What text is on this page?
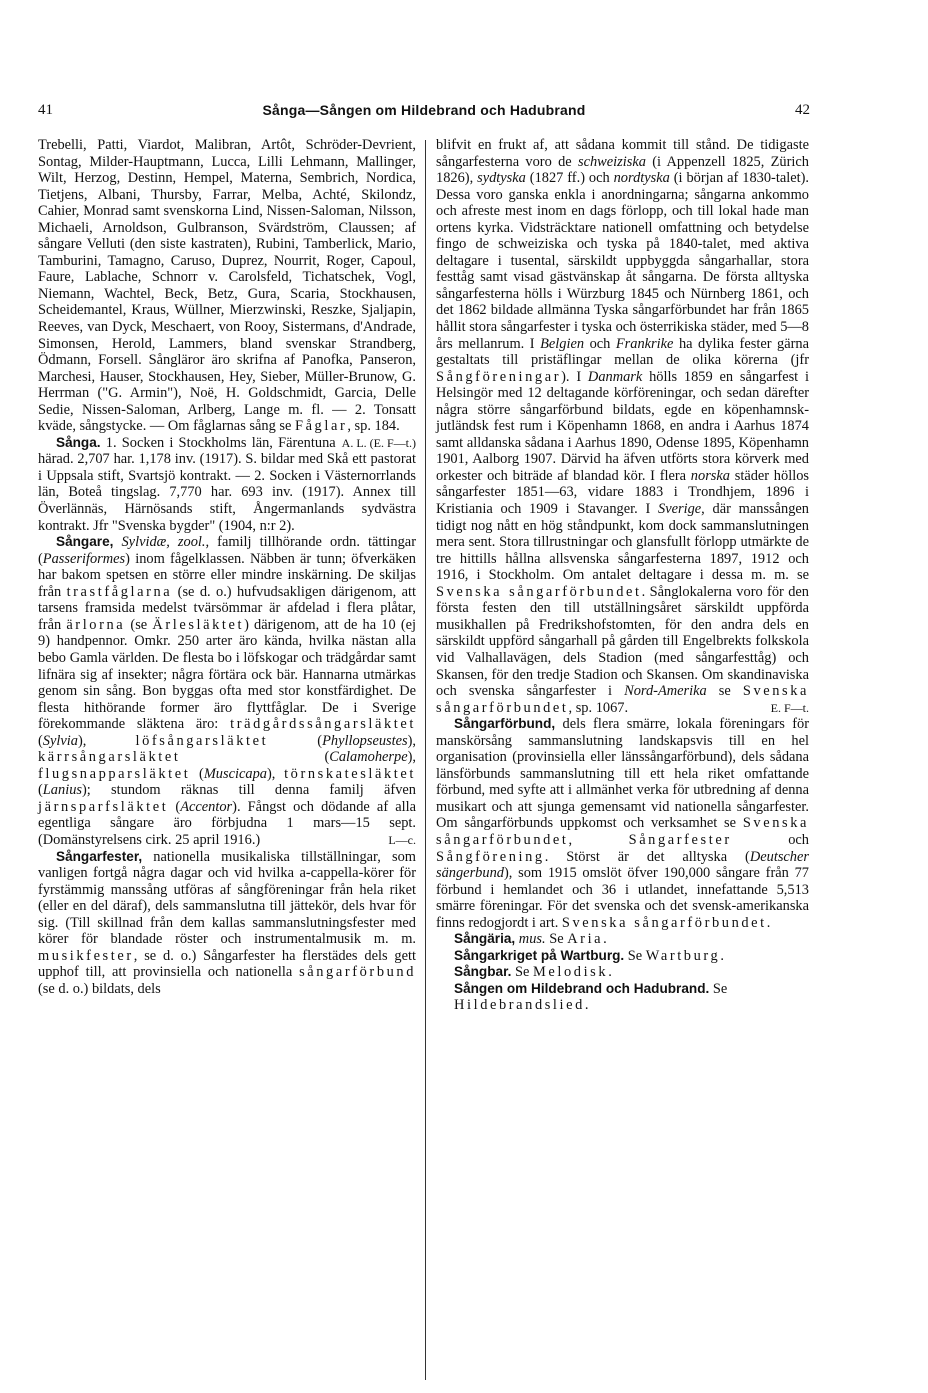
41	Sånga—Sången om Hildebrand och Hadubrand	42

Trebelli, Patti, Viardot, Malibran, Artôt, Schröder-Devrient, Sontag, Milder-Hauptmann, Lucca, Lilli Lehmann, Mallinger, Wilt, Herzog, Destinn, Hempel, Materna, Sembrich, Nordica, Tietjens, Albani, Thursby, Farrar, Melba, Achté, Skilondz, Cahier, Monrad samt svenskorna Lind, Nissen-Saloman, Nilsson, Michaeli, Arnoldson, Gulbranson, Svärdström, Claussen; af sångare Velluti (den siste kastraten), Rubini, Tamberlick, Mario, Tamburini, Tamagno, Caruso, Duprez, Nourrit, Roger, Capoul, Faure, Lablache, Schnorr v. Carolsfeld, Tichatschek, Vogl, Niemann, Wachtel, Beck, Betz, Gura, Scaria, Stockhausen, Scheidemantel, Kraus, Wüllner, Mierzwinski, Reszke, Sjaljapin, Reeves, van Dyck, Meschaert, von Rooy, Sistermans, d'Andrade, Simonsen, Herold, Lammers, bland svenskar Strandberg, Ödmann, Forsell. Sångläror äro skrifna af Panofka, Panseron, Marchesi, Hauser, Stockhausen, Hey, Sieber, Müller-Brunow, G. Herrman ("G. Armin"), Noë, H. Goldschmidt, Garcia, Delle Sedie, Nissen-Saloman, Arlberg, Lange m. fl. — 2. Tonsatt kväde, sångstycke. — Om fåglarnas sång se Fåglar, sp. 184.
A. L. (E. F—t.)

Sånga. 1. Socken i Stockholms län, Färentuna härad. 2,707 har. 1,178 inv. (1917). S. bildar med Skå ett pastorat i Uppsala stift, Svartsjö kontrakt. — 2. Socken i Västernorrlands län, Boteå tingslag. 7,770 har. 693 inv. (1917). Annex till Överlännäs, Härnösands stift, Ångermanlands sydvästra kontrakt. Jfr "Svenska bygder" (1904, n:r 2).

Sångare, Sylvidæ, zool., familj tillhörande ordn. tättingar (Passeriformes) inom fågelklassen. Näbben är tunn; öfverkäken har bakom spetsen en större eller mindre inskärning. De skiljas från trastfåglarna (se d. o.) hufvudsakligen därigenom, att tarsens framsida medelst tvärsömmar är afdelad i flera plåtar, från ärlorna (se Ärlesläktet) därigenom, att de ha 10 (ej 9) handpennor. Omkr. 250 arter äro kända, hvilka nästan alla bebo Gamla världen. De flesta bo i löfskogar och trädgårdar samt lifnära sig af insekter; några förtära ock bär. Hannarna utmärkas genom sin sång. Bon byggas ofta med stor konstfärdighet. De flesta hithörande former äro flyttfåglar. De i Sverige förekommande släktena äro: trädgårdssångarsläktet (Sylvia), löfsångarsläktet (Phyllopseustes), kärrsångarsläktet (Calamoherpe), flugsnapparsläktet (Muscicapa), törnskatesläktet (Lanius); stundom räknas till denna familj äfven järnsparfsläktet (Accentor). Fångst och dödande af alla egentliga sångare äro förbjudna 1 mars—15 sept. (Domänstyrelsens cirk. 25 april 1916.)	L—c.

Sångarfester, nationella musikaliska tillställningar, som vanligen fortgå några dagar och vid hvilka a-cappella-körer för fyrstämmig manssång utföras af sångföreningar från hela riket (eller en del däraf), dels sammanslutna till jättekör, dels hvar för sig. (Till skillnad från dem kallas sammanslutningsfester med körer för blandade röster och instrumentalmusik m. m. musikfester, se d. o.) Sångarfester ha flerstädes dels gett upphof till, att provinsiella och nationella sångarförbund (se d. o.) bildats, dels

blifvit en frukt af, att sådana kommit till stånd. De tidigaste sångarfesterna voro de schweiziska (i Appenzell 1825, Zürich 1826), sydtyska (1827 ff.) och nordtyska (i början af 1830-talet). Dessa voro ganska enkla i anordningarna; sångarna ankommo och afreste mest inom en dags förlopp, och till lokal hade man ortens kyrka. Vidsträcktare nationell omfattning och betydelse fingo de schweiziska och tyska på 1840-talet, med aktiva deltagare i tusental, särskildt uppbyggda sångarhallar, stora festtåg samt visad gästvänskap åt sångarna. De första alltyska sångarfesterna hölls i Würzburg 1845 och Nürnberg 1861, och det 1862 bildade allmänna Tyska sångarförbundet har från 1865 hållit stora sångarfester i tyska och österrikiska städer, med 5—8 års mellanrum. I Belgien och Frankrike ha dylika fester gärna gestaltats till pristäflingar mellan de olika körerna (jfr Sångföreningar). I Danmark hölls 1859 en sångarfest i Helsingör med 12 deltagande körföreningar, och sedan därefter några större sångarförbund bildats, egde en köpenhamnsk-jutländsk fest rum i Köpenhamn 1868, en andra i Aarhus 1874 samt alldanska sådana i Aarhus 1890, Odense 1895, Köpenhamn 1901, Aalborg 1907. Därvid ha äfven utförts stora körverk med orkester och biträde af blandad kör. I flera norska städer höllos sångarfester 1851—63, vidare 1883 i Trondhjem, 1896 i Kristiania och 1909 i Stavanger. I Sverige, där manssången tidigt nog nått en hög ståndpunkt, kom dock sammanslutningen mera sent. Stora tillrustningar och glansfullt förlopp utmärkte de tre hittills hållna allsvenska sångarfesterna 1897, 1912 och 1916, i Stockholm. Om antalet deltagare i dessa m. m. se Svenska sångarförbundet. Sånglokalerna voro för den första festen den till utställningsåret särskildt uppförda musikhallen på Fredrikshofstomten, för den andra dels en särskildt uppförd sångarhall på gården till Engelbrekts folkskola vid Valhallavägen, dels Stadion (med sångarfesttåg) och Skansen, för den tredje Stadion och Skansen. Om skandinaviska och svenska sångarfester i Nord-Amerika se Svenska sångarförbundet, sp. 1067.	E. F—t.

Sångarförbund, dels flera smärre, lokala föreningars för manskörsång sammanslutning landskapsvis till en hel organisation (provinsiella eller länssångarförbund), dels sådana länsförbunds sammanslutning till ett hela riket omfattande förbund, med syfte att i allmänhet verka för utbredning af denna musikart och att sjunga gemensamt vid nationella sångarfester. Om sångarförbunds uppkomst och verksamhet se Svenska sångarförbundet, Sångarfester och Sångförening. Störst är det alltyska (Deutscher sängerbund), som 1915 omslöt öfver 190,000 sångare från 77 förbund i hemlandet och 36 i utlandet, innefattande 5,513 smärre föreningar. För det svenska och det svensk-amerikanska finns redogjordt i art. Svenska sångarförbundet.

Sångäria, mus. Se Aria.

Sångarkriget på Wartburg. Se Wartburg.

Sångbar. Se Melodisk.

Sången om Hildebrand och Hadubrand. Se Hildebrandslied.
